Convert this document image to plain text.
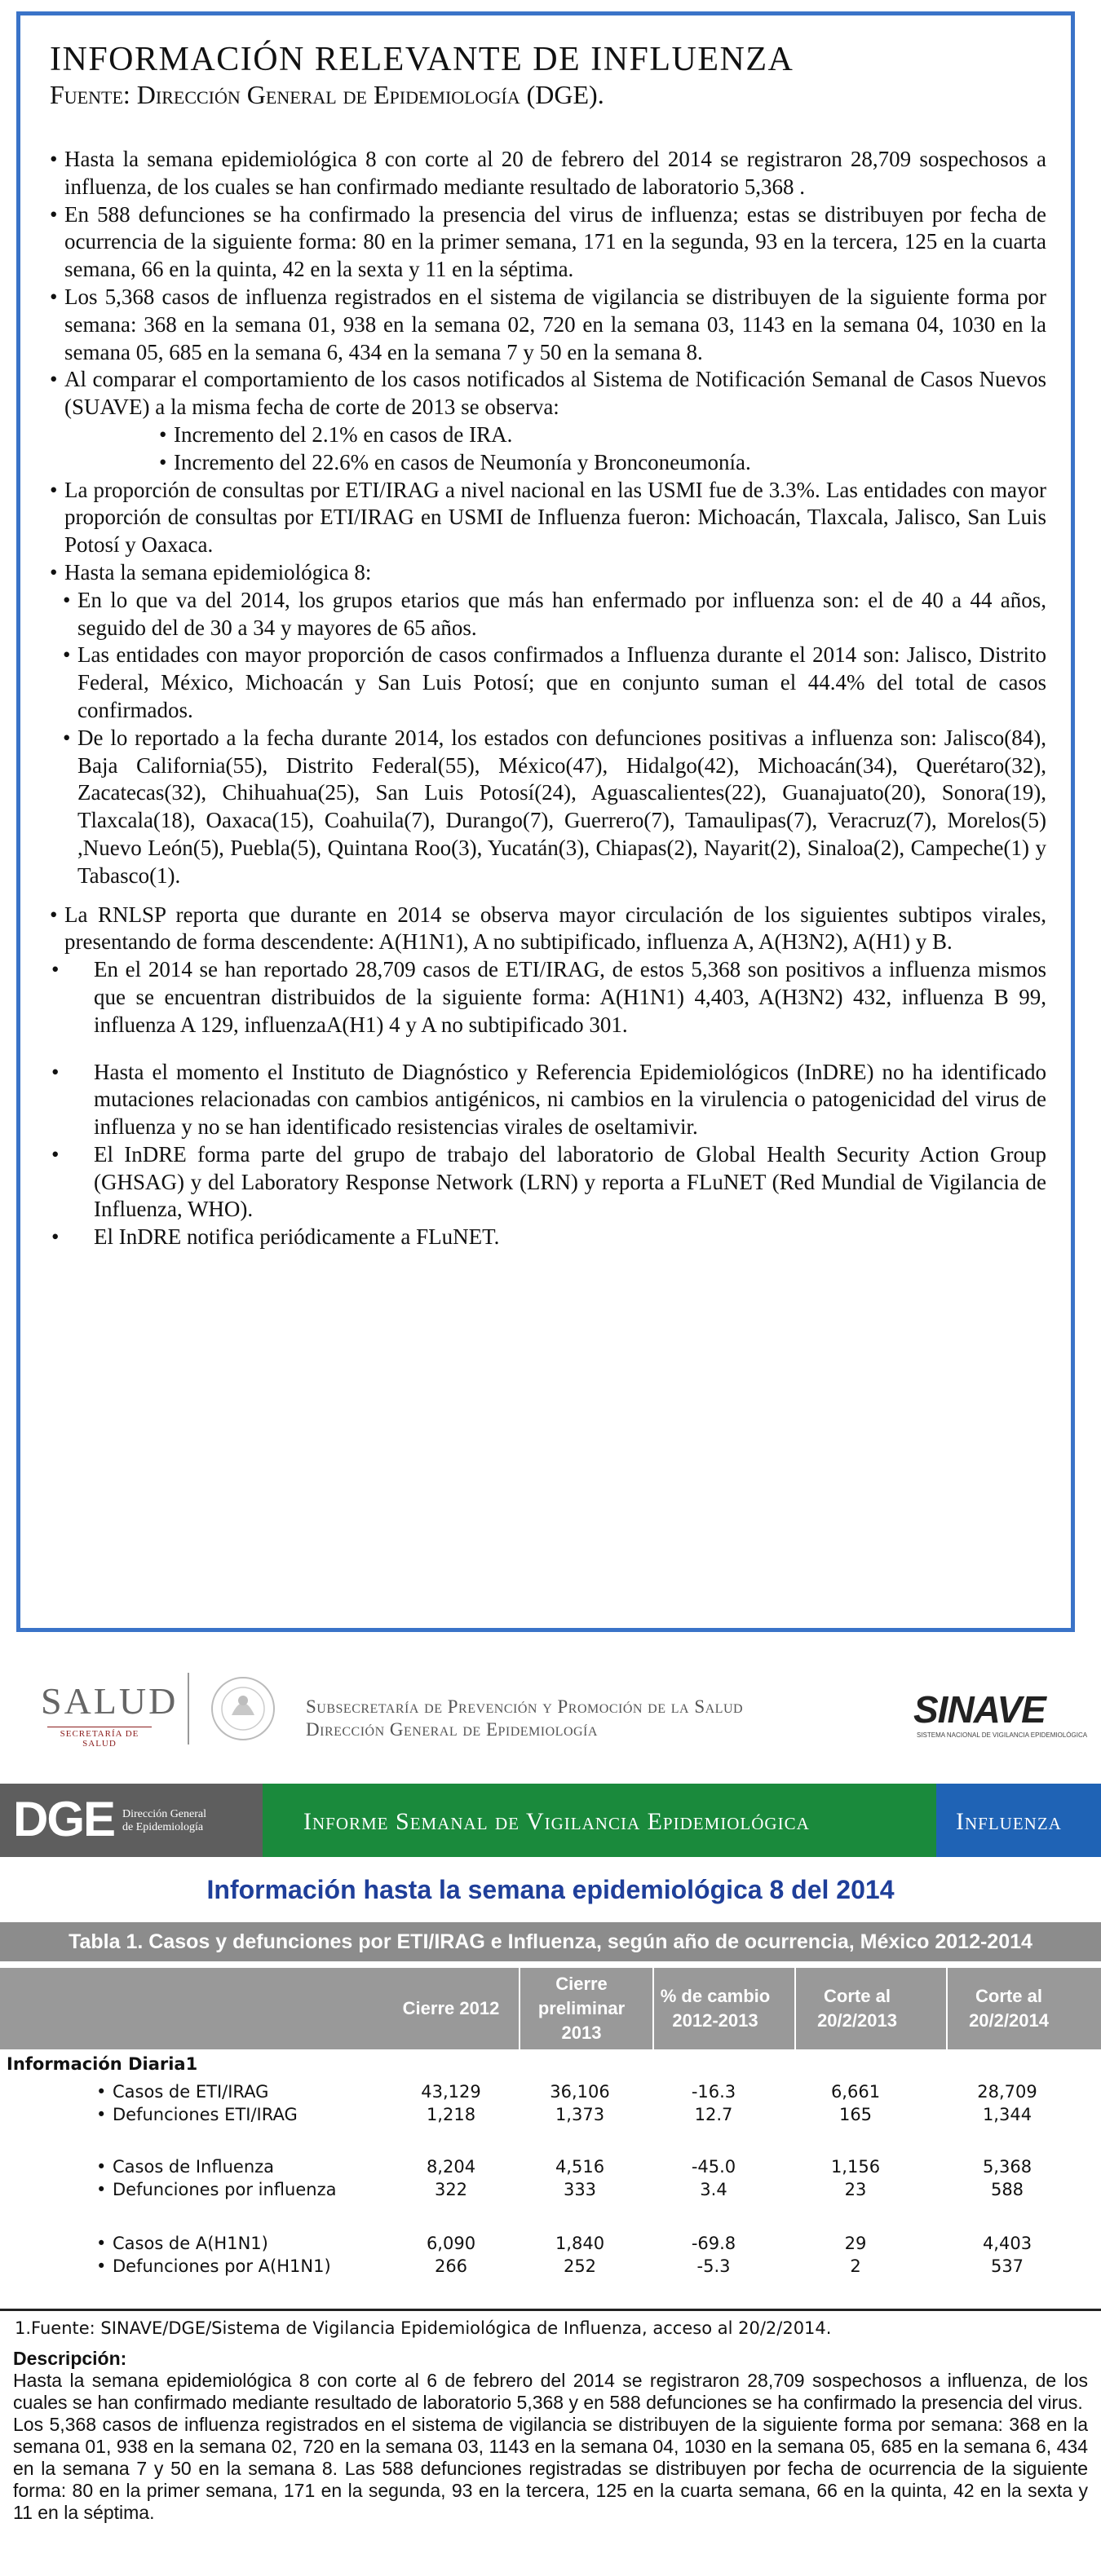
INFORMACIÓN RELEVANTE DE INFLUENZA
Fuente: Dirección General de Epidemiología (DGE).
• Hasta la semana epidemiológica 8 con corte al 20 de febrero del 2014 se registraron 28,709 sospechosos a influenza, de los cuales se han confirmado mediante resultado de laboratorio 5,368 .
• En 588 defunciones se ha confirmado la presencia del virus de influenza; estas se distribuyen por fecha de ocurrencia de la siguiente forma: 80 en la primer semana, 171 en la segunda, 93 en la tercera, 125 en la cuarta semana, 66 en la quinta, 42 en la sexta y 11 en la séptima.
• Los 5,368 casos de influenza registrados en el sistema de vigilancia se distribuyen de la siguiente forma por semana: 368 en la semana 01, 938 en la semana 02, 720 en la semana 03, 1143 en la semana 04, 1030 en la semana 05, 685 en la semana 6, 434 en la semana 7 y 50 en la semana 8.
• Al comparar el comportamiento de los casos notificados al Sistema de Notificación Semanal de Casos Nuevos (SUAVE) a la misma fecha de corte de 2013 se observa:
• Incremento del 2.1% en casos de IRA.
• Incremento del 22.6% en casos de Neumonía y Bronconeumonía.
• La proporción de consultas por ETI/IRAG a nivel nacional en las USMI fue de 3.3%. Las entidades con mayor proporción de consultas por ETI/IRAG en USMI de Influenza fueron: Michoacán, Tlaxcala, Jalisco, San Luis Potosí y Oaxaca.
• Hasta la semana epidemiológica 8:
• En lo que va del 2014, los grupos etarios que más han enfermado por influenza son: el de 40 a 44 años, seguido del de 30 a 34 y mayores de 65 años.
• Las entidades con mayor proporción de casos confirmados a Influenza durante el 2014 son: Jalisco, Distrito Federal, México, Michoacán y San Luis Potosí; que en conjunto suman el 44.4% del total de casos confirmados.
• De lo reportado a la fecha durante 2014, los estados con defunciones positivas a influenza son: Jalisco(84), Baja California(55), Distrito Federal(55), México(47), Hidalgo(42), Michoacán(34), Querétaro(32), Zacatecas(32), Chihuahua(25), San Luis Potosí(24), Aguascalientes(22), Guanajuato(20), Sonora(19), Tlaxcala(18), Oaxaca(15), Coahuila(7), Durango(7), Guerrero(7), Tamaulipas(7), Veracruz(7), Morelos(5) ,Nuevo León(5), Puebla(5), Quintana Roo(3), Yucatán(3), Chiapas(2), Nayarit(2), Sinaloa(2), Campeche(1) y Tabasco(1).
• La RNLSP reporta que durante en 2014 se observa mayor circulación de los siguientes subtipos virales, presentando de forma descendente: A(H1N1), A no subtipificado, influenza A, A(H3N2), A(H1) y B.
• En el 2014 se han reportado 28,709 casos de ETI/IRAG, de estos 5,368 son positivos a influenza mismos que se encuentran distribuidos de la siguiente forma: A(H1N1) 4,403, A(H3N2) 432, influenza B 99, influenza A 129, influenzaA(H1) 4 y A no subtipificado 301.
• Hasta el momento el Instituto de Diagnóstico y Referencia Epidemiológicos (InDRE) no ha identificado mutaciones relacionadas con cambios antigénicos, ni cambios en la virulencia o patogenicidad del virus de influenza y no se han identificado resistencias virales de oseltamivir.
• El InDRE forma parte del grupo de trabajo del laboratorio de Global Health Security Action Group (GHSAG) y del Laboratory Response Network (LRN) y reporta a FLuNET (Red Mundial de Vigilancia de Influenza, WHO).
• El InDRE notifica periódicamente a FLuNET.
SALUD
SECRETARÍA DE SALUD
Subsecretaría de Prevención y Promoción de la Salud
Dirección General de Epidemiología	SINAVE
SISTEMA NACIONAL DE VIGILANCIA EPIDEMIOLÓGICA
DGE Dirección General
de Epidemiología	Informe Semanal de Vigilancia Epidemiológica	Influenza
Información hasta la semana epidemiológica 8 del 2014
Tabla 1. Casos y defunciones por ETI/IRAG e Influenza, según año de ocurrencia, México 2012-2014
Cierre 2012
Cierre preliminar 2013
% de cambio 2012-2013
Corte al 20/2/2013
Corte al 20/2/2014
Información Diaria1
Casos de ETI/IRAG
•	43,129	36,106	-16.3	6,661	28,709
Defunciones ETI/IRAG
•	1,218	1,373	12.7	165	1,344
Casos de Influenza
•	8,204	4,516	-45.0	1,156	5,368
Defunciones por influenza
•	322	333	3.4	23	588
Casos de A(H1N1)
•	6,090	1,840	-69.8	29	4,403
Defunciones por A(H1N1)
•	266	252	-5.3	2	537
1.Fuente: SINAVE/DGE/Sistema de Vigilancia Epidemiológica de Influenza, acceso al 20/2/2014.
Descripción:
Hasta la semana epidemiológica 8 con corte al 6 de febrero del 2014 se registraron 28,709 sospechosos a influenza, de los cuales se han confirmado mediante resultado de laboratorio 5,368 y en 588 defunciones se ha confirmado la presencia del virus.
Los 5,368 casos de influenza registrados en el sistema de vigilancia se distribuyen de la siguiente forma por semana: 368 en la semana 01, 938 en la semana 02, 720 en la semana 03, 1143 en la semana 04, 1030 en la semana 05, 685 en la semana 6, 434 en la semana 7 y 50 en la semana 8. Las 588 defunciones registradas se distribuyen por fecha de ocurrencia de la siguiente forma: 80 en la primer semana, 171 en la segunda, 93 en la tercera, 125 en la cuarta semana, 66 en la quinta, 42 en la sexta y 11 en la séptima.
